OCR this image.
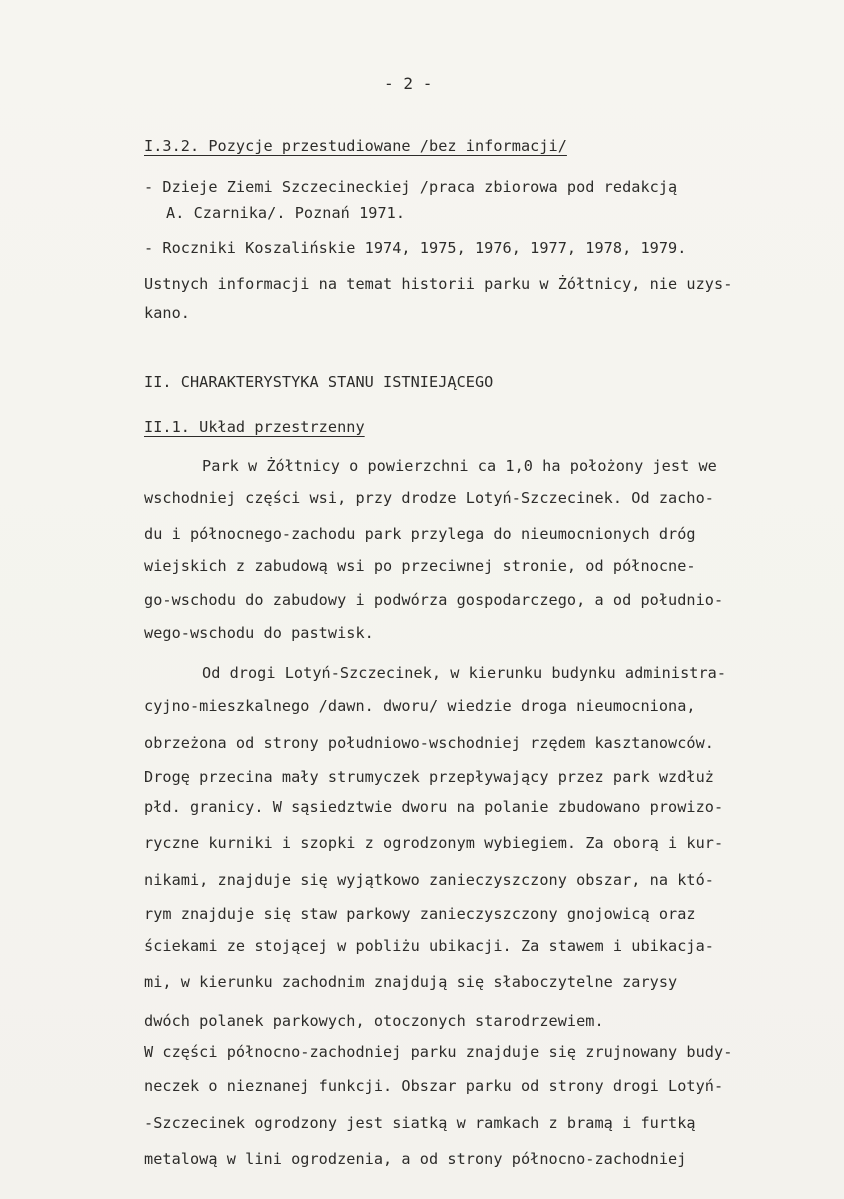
- 2 -
I.3.2. Pozycje przestudiowane /bez informacji/
- Dzieje Ziemi Szczecineckiej /praca zbiorowa pod redakcją
A. Czarnika/. Poznań 1971.
- Roczniki Koszalińskie 1974, 1975, 1976, 1977, 1978, 1979.
Ustnych informacji na temat historii parku w Żółtnicy, nie uzys-
kano.
II. CHARAKTERYSTYKA STANU ISTNIEJĄCEGO
II.1. Układ przestrzenny
Park w Żółtnicy o powierzchni ca 1,0 ha położony jest we
wschodniej części wsi, przy drodze Lotyń-Szczecinek. Od zacho-
du i północnego-zachodu park przylega do nieumocnionych dróg
wiejskich z zabudową wsi po przeciwnej stronie, od północne-
go-wschodu do zabudowy i podwórza gospodarczego, a od południo-
wego-wschodu do pastwisk.
Od drogi Lotyń-Szczecinek, w kierunku budynku administra-
cyjno-mieszkalnego /dawn. dworu/ wiedzie droga nieumocniona,
obrzeżona od strony południowo-wschodniej rzędem kasztanowców.
Drogę przecina mały strumyczek przepływający przez park wzdłuż
płd. granicy. W sąsiedztwie dworu na polanie zbudowano prowizo-
ryczne kurniki i szopki z ogrodzonym wybiegiem. Za oborą i kur-
nikami, znajduje się wyjątkowo zanieczyszczony obszar, na któ-
rym znajduje się staw parkowy zanieczyszczony gnojowicą oraz
ściekami ze stojącej w pobliżu ubikacji. Za stawem i ubikacja-
mi, w kierunku zachodnim znajdują się słaboczytelne zarysy
dwóch polanek parkowych, otoczonych starodrzewiem.
W części północno-zachodniej parku znajduje się zrujnowany budy-
neczek o nieznanej funkcji. Obszar parku od strony drogi Lotyń-
-Szczecinek ogrodzony jest siatką w ramkach z bramą i furtką
metalową w lini ogrodzenia, a od strony północno-zachodniej
